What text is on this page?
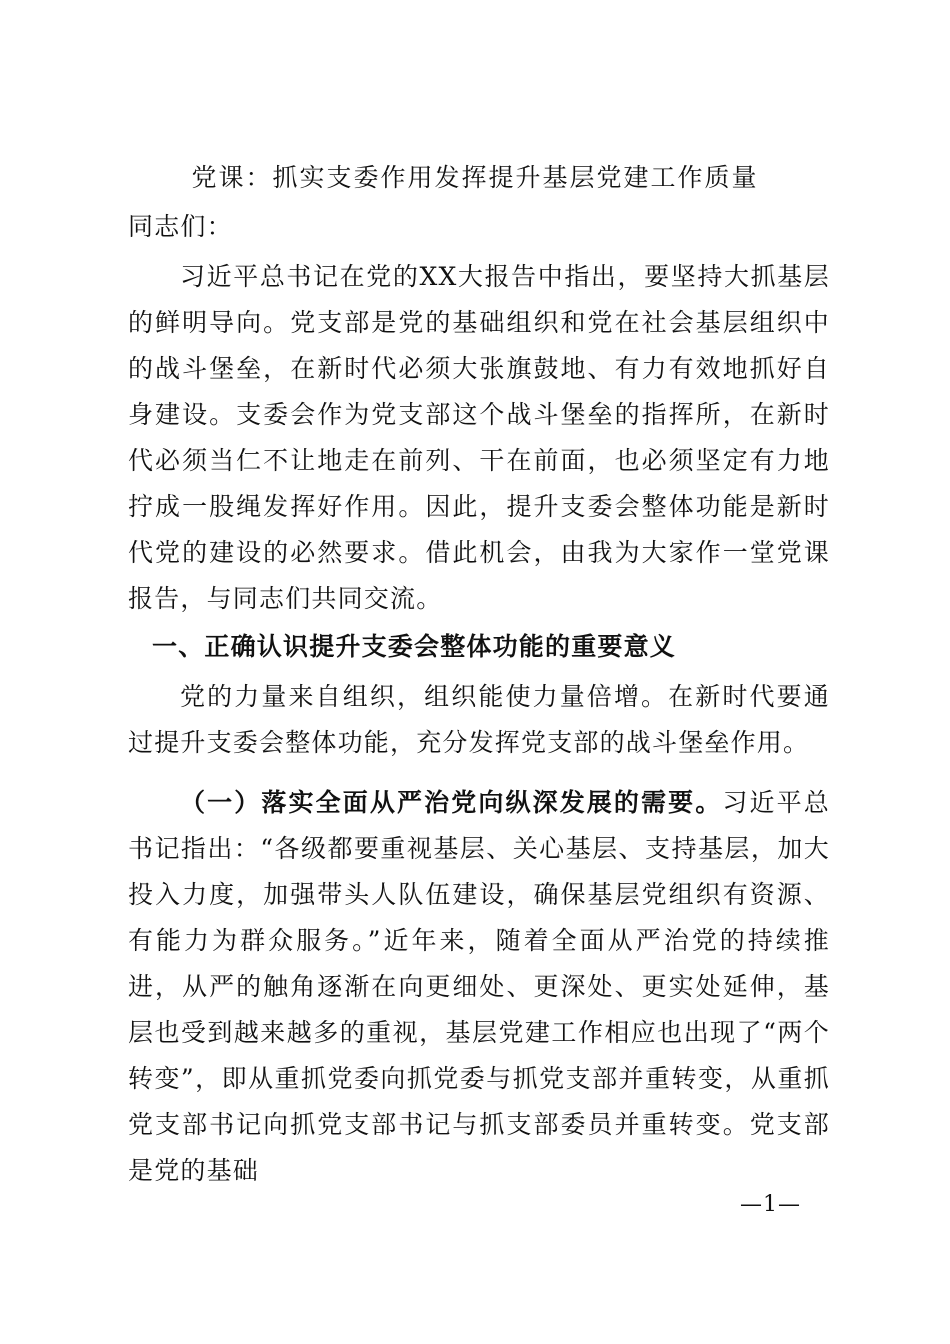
党课：抓实支委作用发挥提升基层党建工作质量

同志们：

习近平总书记在党的XX大报告中指出，要坚持大抓基层的鲜明导向。党支部是党的基础组织和党在社会基层组织中的战斗堡垒，在新时代必须大张旗鼓地、有力有效地抓好自身建设。支委会作为党支部这个战斗堡垒的指挥所，在新时代必须当仁不让地走在前列、干在前面，也必须坚定有力地拧成一股绳发挥好作用。因此，提升支委会整体功能是新时代党的建设的必然要求。借此机会，由我为大家作一堂党课报告，与同志们共同交流。

一、正确认识提升支委会整体功能的重要意义

党的力量来自组织，组织能使力量倍增。在新时代要通过提升支委会整体功能，充分发挥党支部的战斗堡垒作用。

（一）落实全面从严治党向纵深发展的需要。习近平总书记指出：“各级都要重视基层、关心基层、支持基层，加大投入力度，加强带头人队伍建设，确保基层党组织有资源、有能力为群众服务。”近年来，随着全面从严治党的持续推进，从严的触角逐渐在向更细处、更深处、更实处延伸，基层也受到越来越多的重视，基层党建工作相应也出现了“两个转变”，即从重抓党委向抓党委与抓党支部并重转变，从重抓党支部书记向抓党支部书记与抓支部委员并重转变。党支部是党的基础

—1—
